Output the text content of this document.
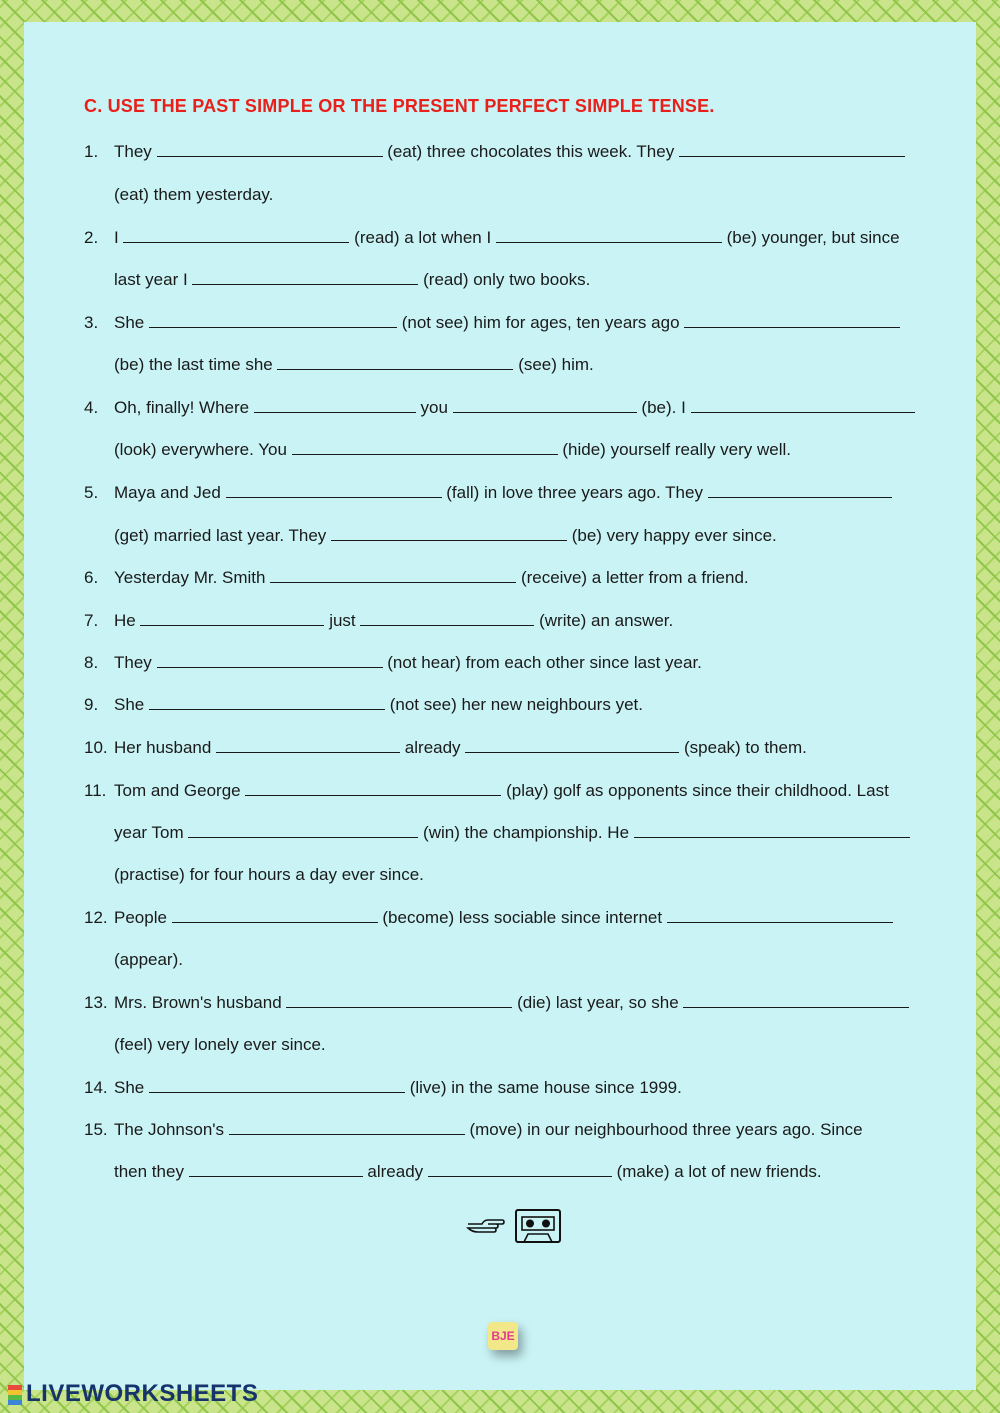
C. USE THE PAST SIMPLE OR THE PRESENT PERFECT SIMPLE TENSE.
1. They	(eat) three chocolates this week. They
(eat) them yesterday.
2. I	(read) a lot when I	(be) younger, but since
last year I	(read) only two books.
3. She	(not see) him for ages, ten years ago
(be) the last time she	(see) him.
4. Oh, finally! Where	you	(be). I
(look) everywhere. You	(hide) yourself really very well.
5. Maya and Jed	(fall) in love three years ago. They
(get) married last year. They	(be) very happy ever since.
6. Yesterday Mr. Smith	(receive) a letter from a friend.
7. He	just	(write) an answer.
8. They	(not hear) from each other since last year.
9. She	(not see) her new neighbours yet.
10. Her husband	already	(speak) to them.
11. Tom and George	(play) golf as opponents since their childhood. Last
year Tom	(win) the championship. He
(practise) for four hours a day ever since.
12. People	(become) less sociable since internet
(appear).
13. Mrs. Brown's husband	(die) last year, so she
(feel) very lonely ever since.
14. She	(live) in the same house since 1999.
15. The Johnson's	(move) in our neighbourhood three years ago. Since
then they	already	(make) a lot of new friends.
BJE
LIVEWORKSHEETS
